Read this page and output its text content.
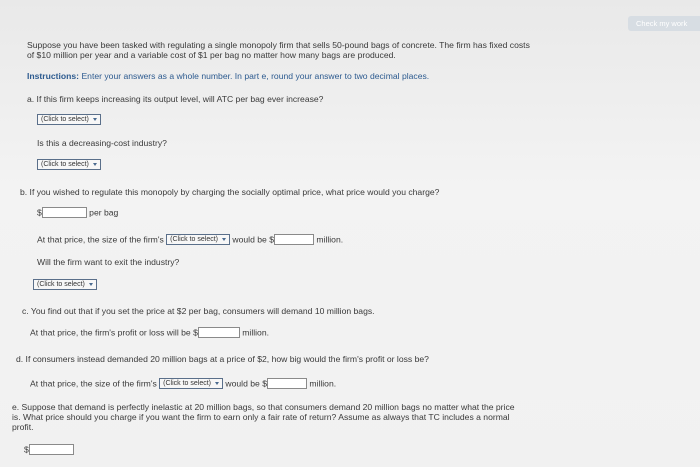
Check my work
Suppose you have been tasked with regulating a single monopoly firm that sells 50-pound bags of concrete. The firm has fixed costs
of $10 million per year and a variable cost of $1 per bag no matter how many bags are produced.
Instructions: Enter your answers as a whole number. In part e, round your answer to two decimal places.
a. If this firm keeps increasing its output level, will ATC per bag ever increase?
(Click to select)
Is this a decreasing-cost industry?
(Click to select)
b. If you wished to regulate this monopoly by charging the socially optimal price, what price would you charge?
$	per bag
At that price, the size of the firm's (Click to select) would be $	million.
Will the firm want to exit the industry?
(Click to select)
c. You find out that if you set the price at $2 per bag, consumers will demand 10 million bags.
At that price, the firm's profit or loss will be $	million.
d. If consumers instead demanded 20 million bags at a price of $2, how big would the firm's profit or loss be?
At that price, the size of the firm's (Click to select) would be $	million.
e. Suppose that demand is perfectly inelastic at 20 million bags, so that consumers demand 20 million bags no matter what the price
is. What price should you charge if you want the firm to earn only a fair rate of return? Assume as always that TC includes a normal
profit.
$
